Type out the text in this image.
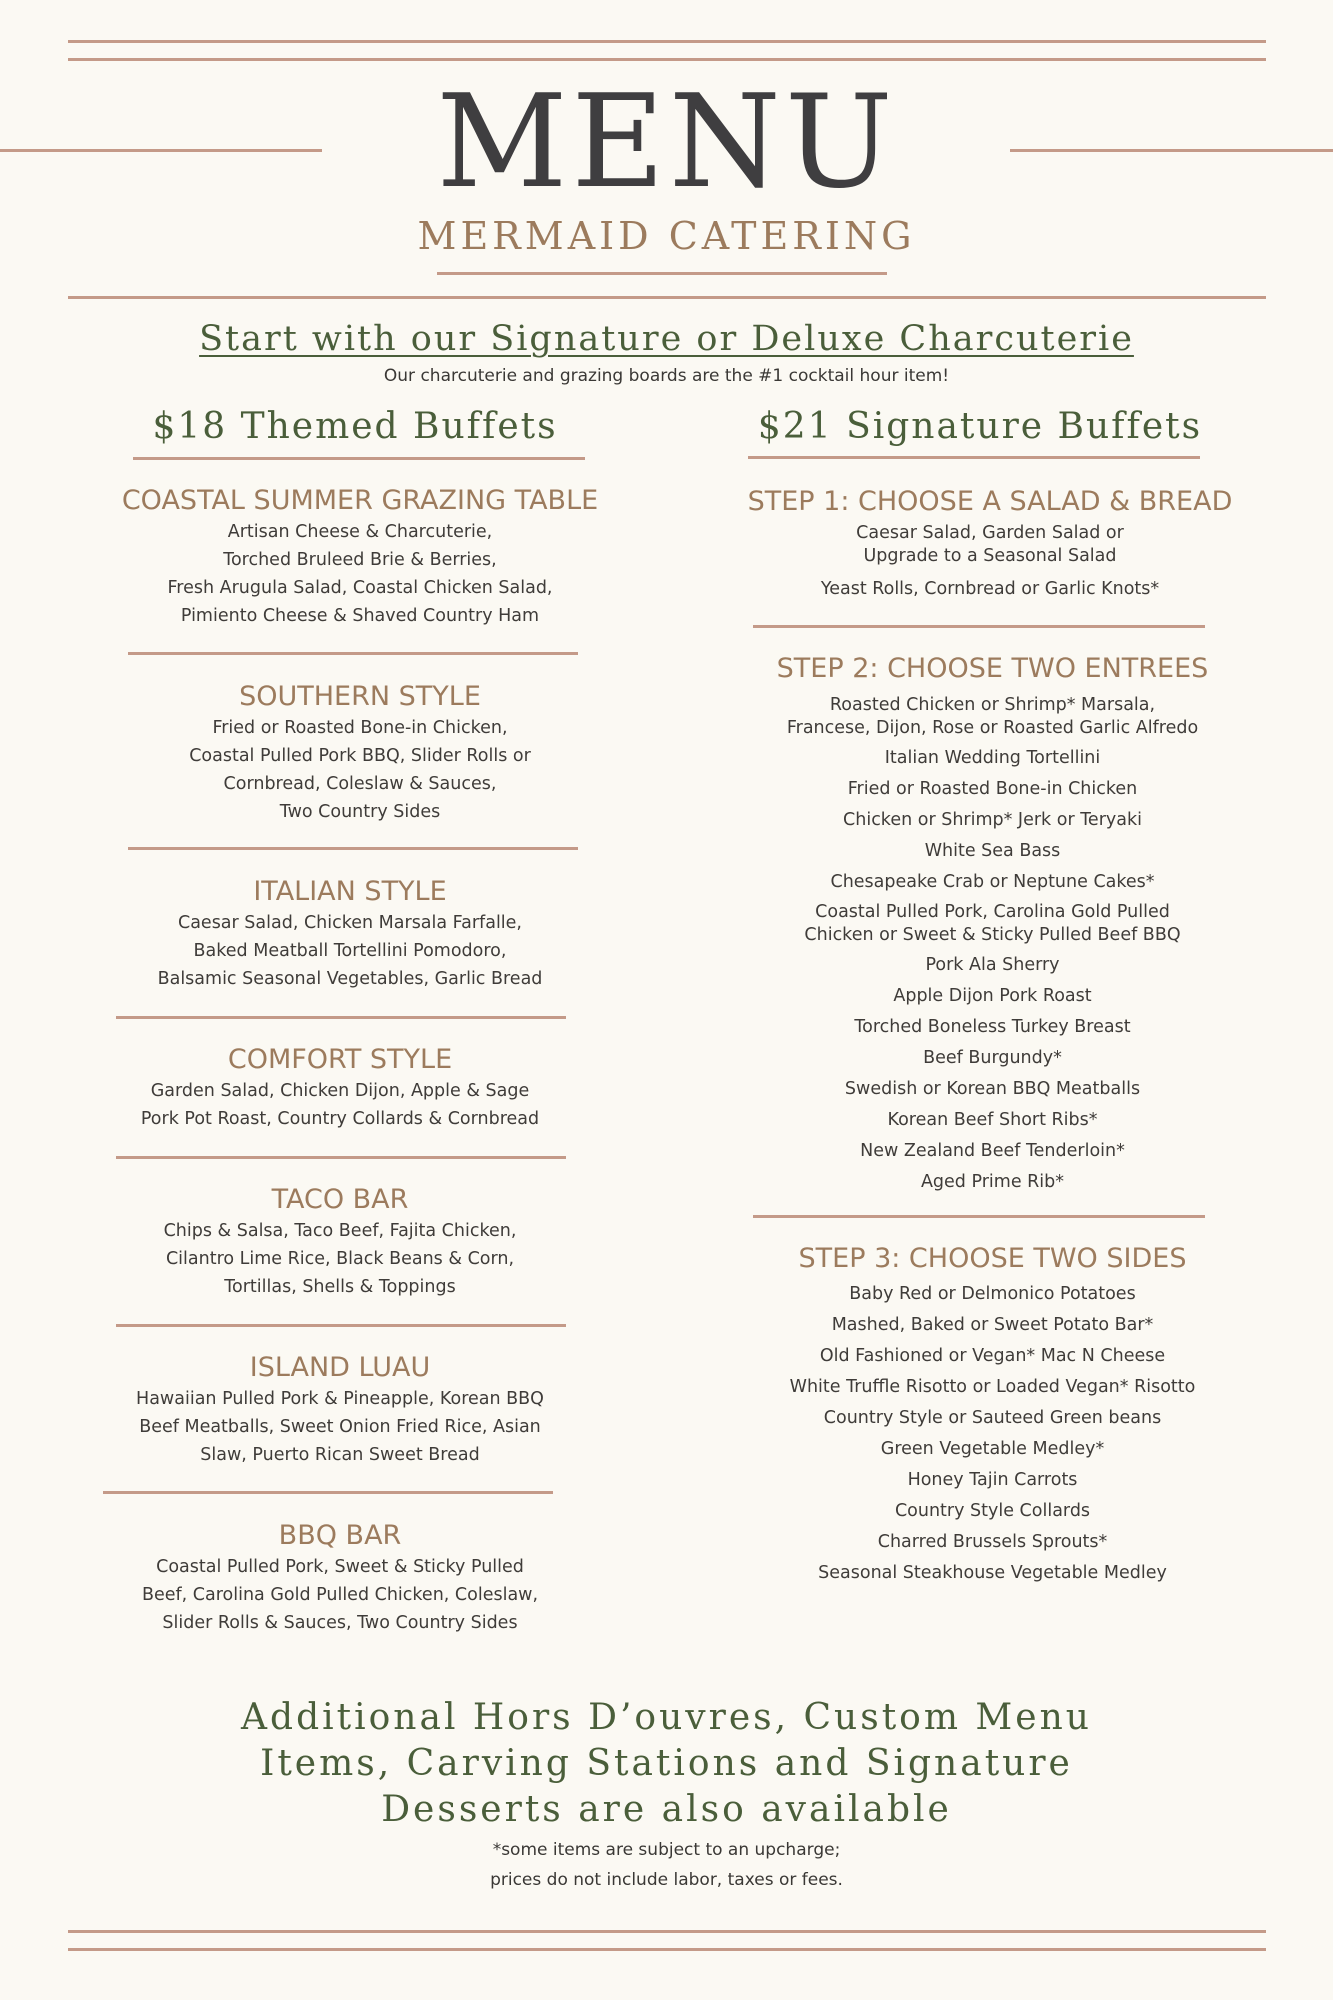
MENU
MERMAID CATERING
Start with our Signature or Deluxe Charcuterie
Our charcuterie and grazing boards are the #1 cocktail hour item!
$18 Themed Buffets
COASTAL SUMMER GRAZING TABLE
Artisan Cheese & Charcuterie,
Torched Bruleed Brie & Berries,
Fresh Arugula Salad, Coastal Chicken Salad,
Pimiento Cheese & Shaved Country Ham
SOUTHERN STYLE
Fried or Roasted Bone-in Chicken,
Coastal Pulled Pork BBQ, Slider Rolls or
Cornbread, Coleslaw & Sauces,
Two Country Sides
ITALIAN STYLE
Caesar Salad, Chicken Marsala Farfalle,
Baked Meatball Tortellini Pomodoro,
Balsamic Seasonal Vegetables, Garlic Bread
COMFORT STYLE
Garden Salad, Chicken Dijon, Apple & Sage
Pork Pot Roast, Country Collards & Cornbread
TACO BAR
Chips & Salsa, Taco Beef, Fajita Chicken,
Cilantro Lime Rice, Black Beans & Corn,
Tortillas, Shells & Toppings
ISLAND LUAU
Hawaiian Pulled Pork & Pineapple, Korean BBQ
Beef Meatballs, Sweet Onion Fried Rice, Asian
Slaw, Puerto Rican Sweet Bread
BBQ BAR
Coastal Pulled Pork, Sweet & Sticky Pulled
Beef, Carolina Gold Pulled Chicken, Coleslaw,
Slider Rolls & Sauces, Two Country Sides
$21 Signature Buffets
STEP 1: CHOOSE A SALAD & BREAD
Caesar Salad, Garden Salad or
Upgrade to a Seasonal Salad
Yeast Rolls, Cornbread or Garlic Knots*
STEP 2: CHOOSE TWO ENTREES
Roasted Chicken or Shrimp* Marsala,
Francese, Dijon, Rose or Roasted Garlic Alfredo
Italian Wedding Tortellini
Fried or Roasted Bone-in Chicken
Chicken or Shrimp* Jerk or Teryaki
White Sea Bass
Chesapeake Crab or Neptune Cakes*
Coastal Pulled Pork, Carolina Gold Pulled
Chicken or Sweet & Sticky Pulled Beef BBQ
Pork Ala Sherry
Apple Dijon Pork Roast
Torched Boneless Turkey Breast
Beef Burgundy*
Swedish or Korean BBQ Meatballs
Korean Beef Short Ribs*
New Zealand Beef Tenderloin*
Aged Prime Rib*
STEP 3: CHOOSE TWO SIDES
Baby Red or Delmonico Potatoes
Mashed, Baked or Sweet Potato Bar*
Old Fashioned or Vegan* Mac N Cheese
White Truffle Risotto or Loaded Vegan* Risotto
Country Style or Sauteed Green beans
Green Vegetable Medley*
Honey Tajin Carrots
Country Style Collards
Charred Brussels Sprouts*
Seasonal Steakhouse Vegetable Medley
Additional Hors D’ouvres, Custom Menu
Items, Carving Stations and Signature
Desserts are also available
*some items are subject to an upcharge;
prices do not include labor, taxes or fees.
